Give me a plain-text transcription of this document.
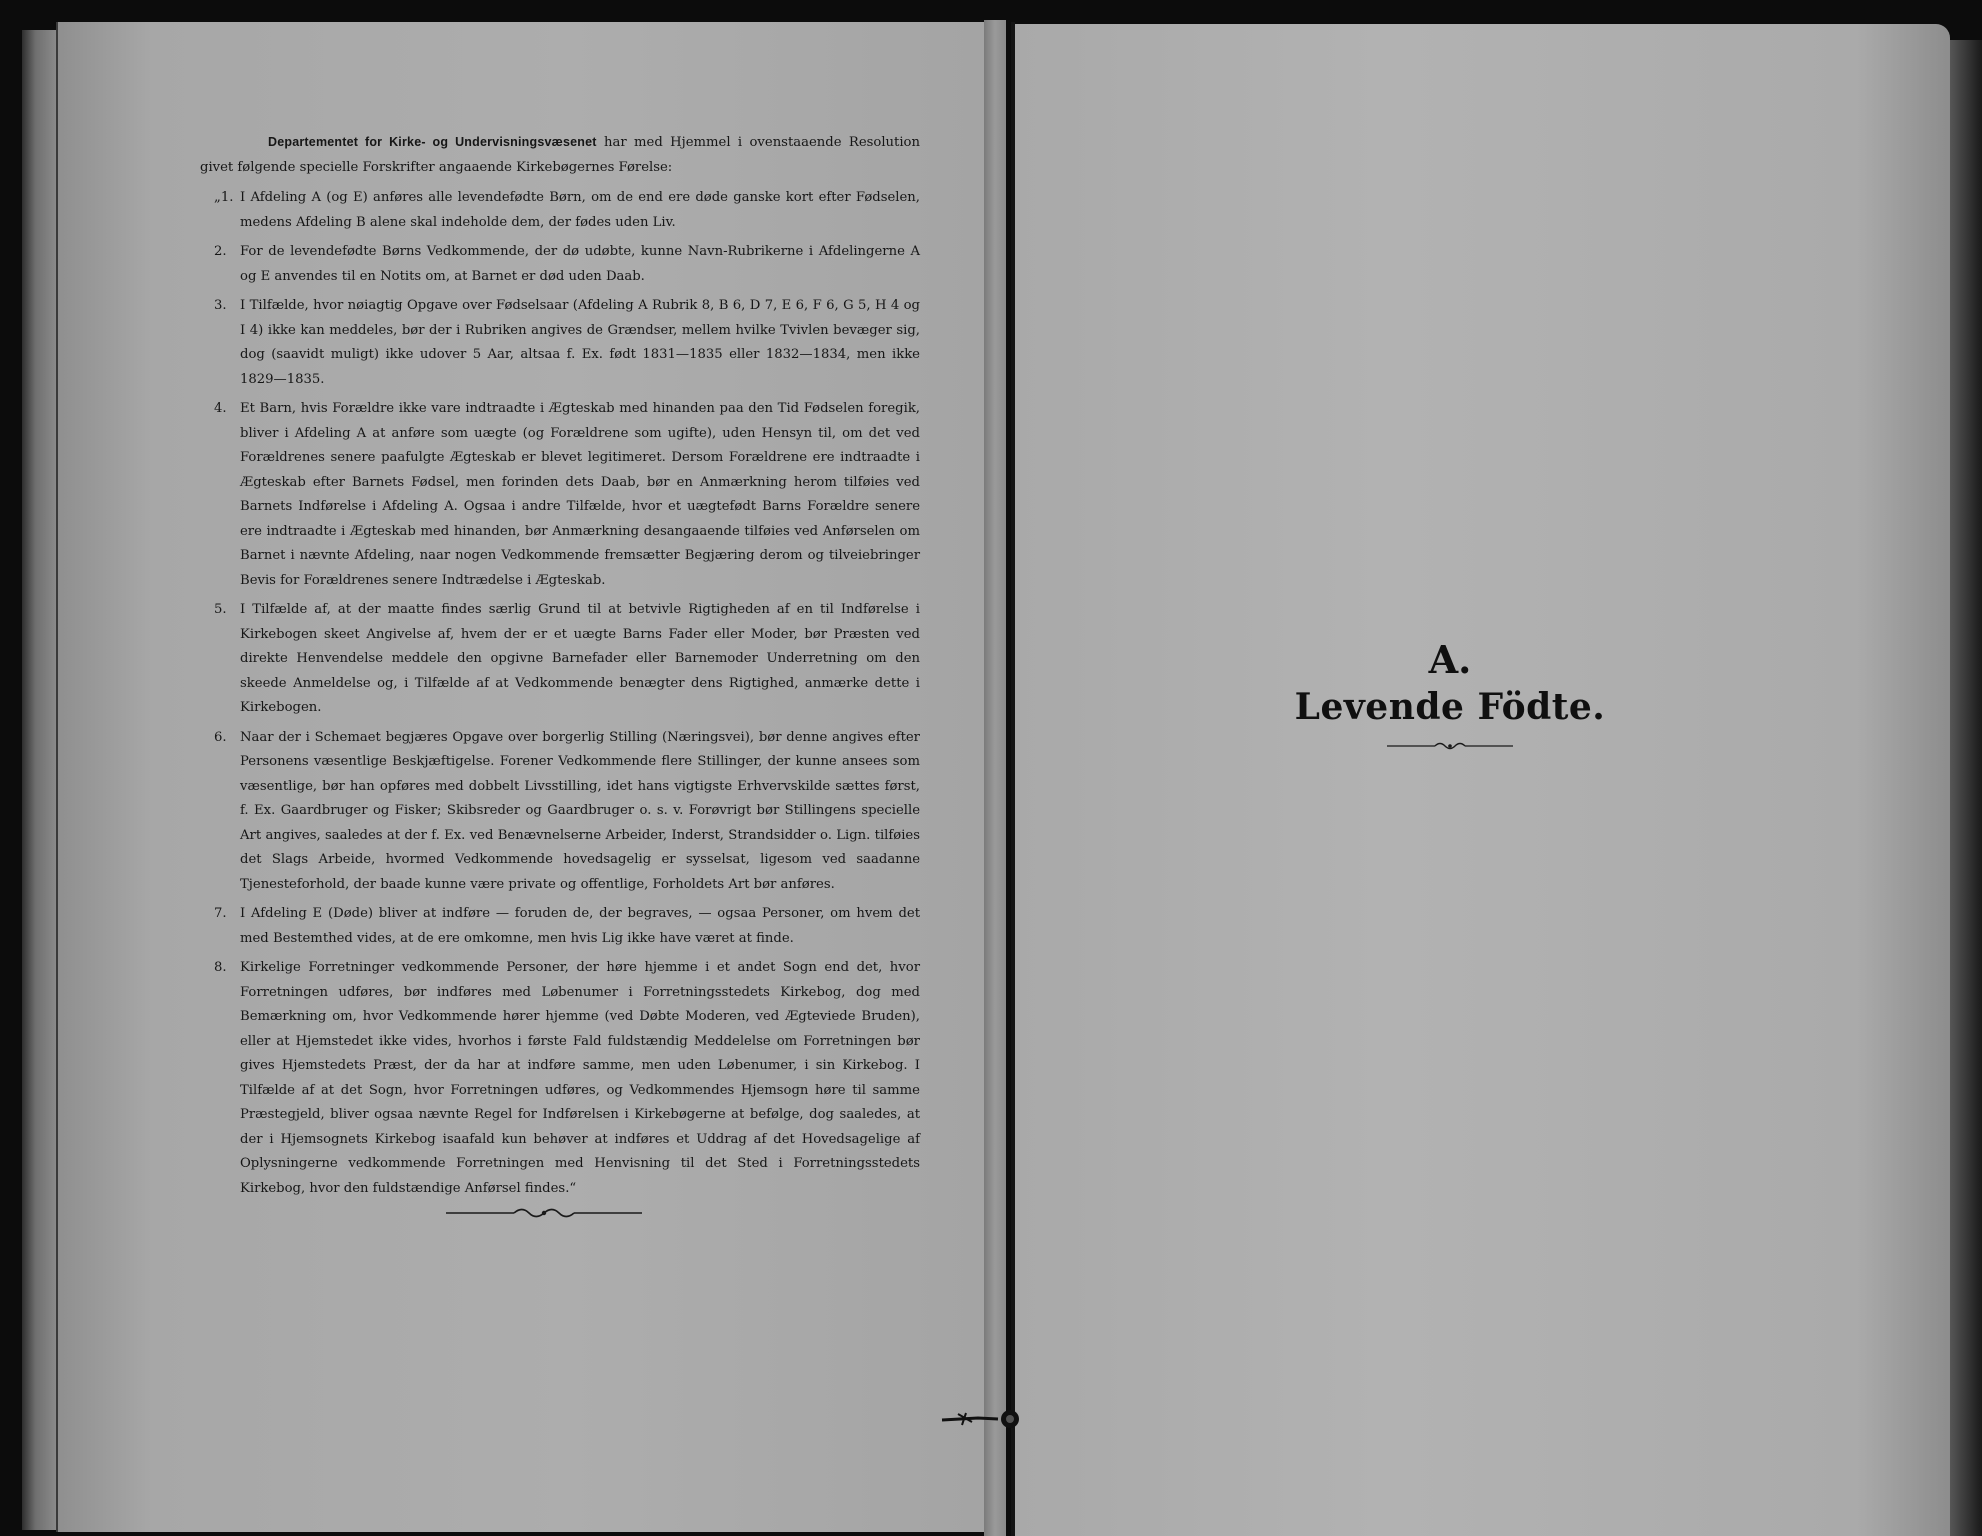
Departementet for Kirke- og Undervisningsvæsenet har med Hjemmel i ovenstaaende Resolution givet følgende specielle Forskrifter angaaende Kirkebøgernes Førelse:

„1. I Afdeling A (og E) anføres alle levendefødte Børn, om de end ere døde ganske kort efter Fødselen, medens Afdeling B alene skal indeholde dem, der fødes uden Liv.
2.	For de levendefødte Børns Vedkommende, der dø udøbte, kunne Navn-Rubrikerne i Afdelingerne A og E anvendes til en Notits om, at Barnet er død uden Daab.
3.	I Tilfælde, hvor nøiagtig Opgave over Fødselsaar (Afdeling A Rubrik 8, B 6, D 7, E 6, F 6, G 5, H 4 og I 4) ikke kan meddeles, bør der i Rubriken angives de Grændser, mellem hvilke Tvivlen bevæger sig, dog (saavidt muligt) ikke udover 5 Aar, altsaa f. Ex. født 1831—1835 eller 1832—1834, men ikke 1829—1835.
4.	Et Barn, hvis Forældre ikke vare indtraadte i Ægteskab med hinanden paa den Tid Fødselen foregik, bliver i Afdeling A at anføre som uægte (og Forældrene som ugifte), uden Hensyn til, om det ved Forældrenes senere paafulgte Ægteskab er blevet legitimeret. Dersom Forældrene ere indtraadte i Ægteskab efter Barnets Fødsel, men forinden dets Daab, bør en Anmærkning herom tilføies ved Barnets Indførelse i Afdeling A. Ogsaa i andre Tilfælde, hvor et uægtefødt Barns Forældre senere ere indtraadte i Ægteskab med hinanden, bør Anmærkning desangaaende tilføies ved Anførselen om Barnet i nævnte Afdeling, naar nogen Vedkommende fremsætter Begjæring derom og tilveiebringer Bevis for Forældrenes senere Indtrædelse i Ægteskab.
5.	I Tilfælde af, at der maatte findes særlig Grund til at betvivle Rigtigheden af en til Indførelse i Kirkebogen skeet Angivelse af, hvem der er et uægte Barns Fader eller Moder, bør Præsten ved direkte Henvendelse meddele den opgivne Barnefader eller Barnemoder Underretning om den skeede Anmeldelse og, i Tilfælde af at Vedkommende benægter dens Rigtighed, anmærke dette i Kirkebogen.
6.	Naar der i Schemaet begjæres Opgave over borgerlig Stilling (Næringsvei), bør denne angives efter Personens væsentlige Beskjæftigelse. Forener Vedkommende flere Stillinger, der kunne ansees som væsentlige, bør han opføres med dobbelt Livsstilling, idet hans vigtigste Erhvervskilde sættes først, f. Ex. Gaardbruger og Fisker; Skibsreder og Gaardbruger o. s. v. Forøvrigt bør Stillingens specielle Art angives, saaledes at der f. Ex. ved Benævnelserne Arbeider, Inderst, Strandsidder o. Lign. tilføies det Slags Arbeide, hvormed Vedkommende hovedsagelig er sysselsat, ligesom ved saadanne Tjenesteforhold, der baade kunne være private og offentlige, Forholdets Art bør anføres.
7.	I Afdeling E (Døde) bliver at indføre — foruden de, der begraves, — ogsaa Personer, om hvem det med Bestemthed vides, at de ere omkomne, men hvis Lig ikke have været at finde.
8.	Kirkelige Forretninger vedkommende Personer, der høre hjemme i et andet Sogn end det, hvor Forretningen udføres, bør indføres med Løbenumer i Forretningsstedets Kirkebog, dog med Bemærkning om, hvor Vedkommende hører hjemme (ved Døbte Moderen, ved Ægteviede Bruden), eller at Hjemstedet ikke vides, hvorhos i første Fald fuldstændig Meddelelse om Forretningen bør gives Hjemstedets Præst, der da har at indføre samme, men uden Løbenumer, i sin Kirkebog. I Tilfælde af at det Sogn, hvor Forretningen udføres, og Vedkommendes Hjemsogn høre til samme Præstegjeld, bliver ogsaa nævnte Regel for Indførelsen i Kirkebøgerne at befølge, dog saaledes, at der i Hjemsognets Kirkebog isaafald kun behøver at indføres et Uddrag af det Hovedsagelige af Oplysningerne vedkommende Forretningen med Henvisning til det Sted i Forretningsstedets Kirkebog, hvor den fuldstændige Anførsel findes.“
A.
Levende Födte.
